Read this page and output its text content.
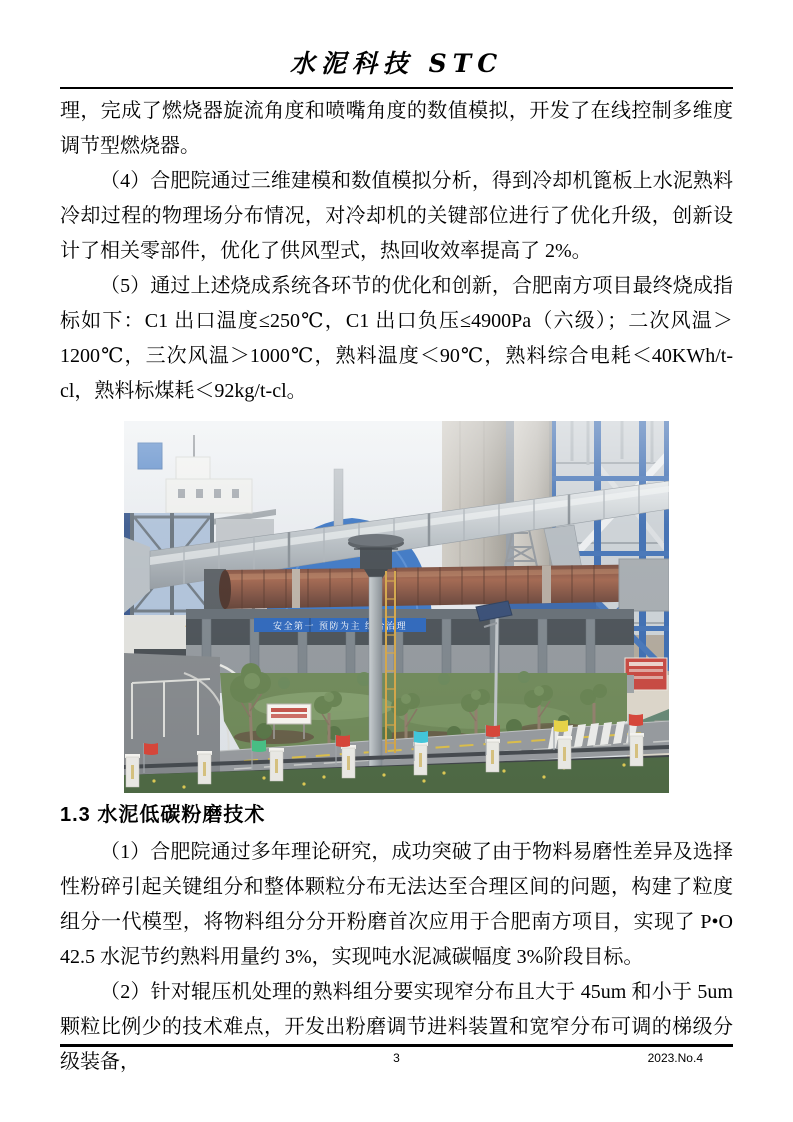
水泥科技 STC

理，完成了燃烧器旋流角度和喷嘴角度的数值模拟，开发了在线控制多维度调节型燃烧器。

（4）合肥院通过三维建模和数值模拟分析，得到冷却机篦板上水泥熟料冷却过程的物理场分布情况，对冷却机的关键部位进行了优化升级，创新设计了相关零部件，优化了供风型式，热回收效率提高了 2%。

（5）通过上述烧成系统各环节的优化和创新，合肥南方项目最终烧成指标如下：C1 出口温度≤250℃，C1 出口负压≤4900Pa（六级）；二次风温＞1200℃，三次风温＞1000℃，熟料温度＜90℃，熟料综合电耗＜40KWh/t-cl，熟料标煤耗＜92kg/t-cl。

1.3 水泥低碳粉磨技术

（1）合肥院通过多年理论研究，成功突破了由于物料易磨性差异及选择性粉碎引起关键组分和整体颗粒分布无法达至合理区间的问题，构建了粒度组分一代模型，将物料组分分开粉磨首次应用于合肥南方项目，实现了 P•O 42.5 水泥节约熟料用量约 3%，实现吨水泥减碳幅度 3%阶段目标。

（2）针对辊压机处理的熟料组分要实现窄分布且大于 45um 和小于 5um 颗粒比例少的技术难点，开发出粉磨调节进料装置和宽窄分布可调的梯级分级装备，	3	2023.No.4
